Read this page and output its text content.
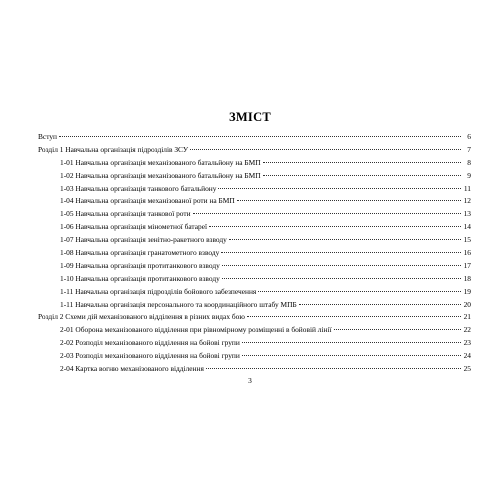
ЗМІСТ
Вступ	6
Розділ 1 Навчальна організація підрозділів ЗСУ	7
1-01 Навчальна організація механізованого батальйону на БМП	8
1-02 Навчальна організація механізованого батальйону на БМП	9
1-03 Навчальна організація танкового батальйону	11
1-04 Навчальна організація механізованої роти на БМП	12
1-05 Навчальна організація танкової роти	13
1-06 Навчальна організація мінометної батареї	14
1-07 Навчальна організація зенітно-ракетного взводу	15
1-08 Навчальна організація гранатометного взводу	16
1-09 Навчальна організація протитанкового взводу	17
1-10 Навчальна організація протитанкового взводу	18
1-11 Навчальна організація підрозділів бойового забезпечення	19
1-11 Навчальна організація персонального та координаційного штабу МПБ	20
Розділ 2 Схеми дій механізованого відділення в різних видах бою	21
2-01 Оборона механізованого відділення при рівномірному розміщенні в бойовій лінії	22
2-02 Розподіл механізованого відділення на бойові групи	23
2-03 Розподіл механізованого відділення на бойові групи	24
2-04 Картка вогню механізованого відділення	25
3
